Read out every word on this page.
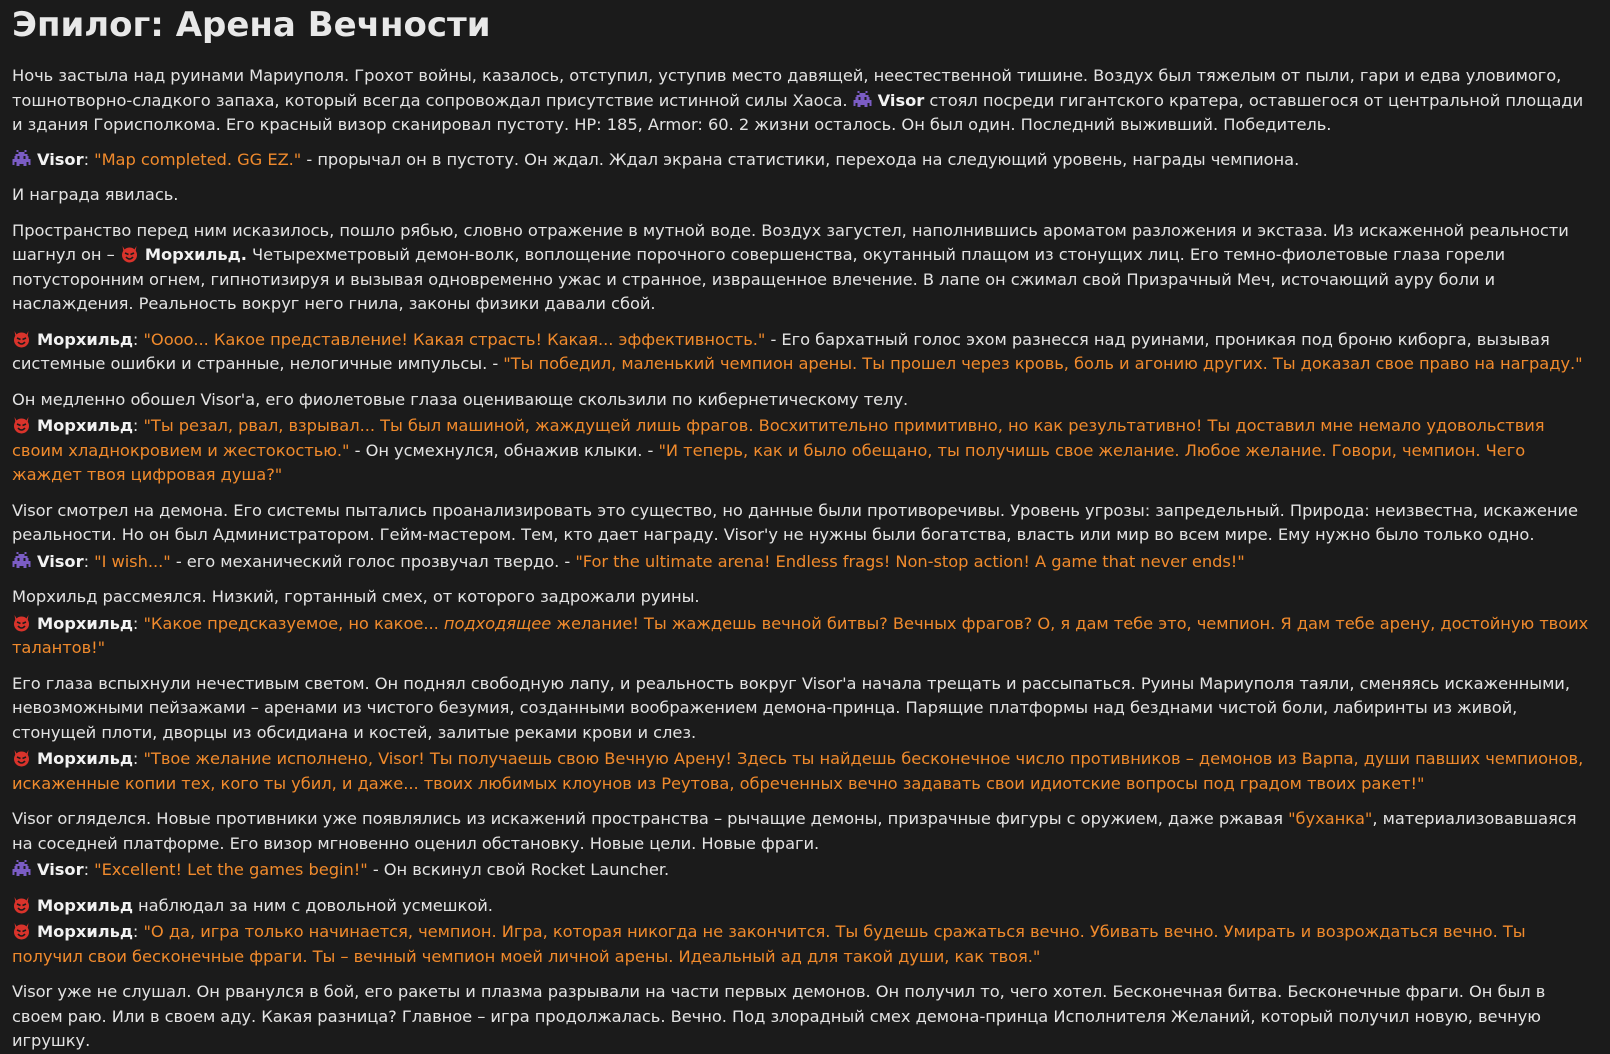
Эпилог: Арена Вечности

Ночь застыла над руинами Мариуполя. Грохот войны, казалось, отступил, уступив место давящей, неестественной тишине. Воздух был тяжелым от пыли, гари и едва уловимого, тошнотворно-сладкого запаха, который всегда сопровождал присутствие истинной силы Хаоса. Visor стоял посреди гигантского кратера, оставшегося от центральной площади и здания Горисполкома. Его красный визор сканировал пустоту. HP: 185, Armor: 60. 2 жизни осталось. Он был один. Последний выживший. Победитель.

Visor: "Map completed. GG EZ." - прорычал он в пустоту. Он ждал. Ждал экрана статистики, перехода на следующий уровень, награды чемпиона.

И награда явилась.

Пространство перед ним исказилось, пошло рябью, словно отражение в мутной воде. Воздух загустел, наполнившись ароматом разложения и экстаза. Из искаженной реальности шагнул он – Морхильд. Четырехметровый демон-волк, воплощение порочного совершенства, окутанный плащом из стонущих лиц. Его темно-фиолетовые глаза горели потусторонним огнем, гипнотизируя и вызывая одновременно ужас и странное, извращенное влечение. В лапе он сжимал свой Призрачный Меч, источающий ауру боли и наслаждения. Реальность вокруг него гнила, законы физики давали сбой.

Морхильд: "Оооо... Какое представление! Какая страсть! Какая... эффективность." - Его бархатный голос эхом разнесся над руинами, проникая под броню киборга, вызывая системные ошибки и странные, нелогичные импульсы. - "Ты победил, маленький чемпион арены. Ты прошел через кровь, боль и агонию других. Ты доказал свое право на награду."

Он медленно обошел Visor'a, его фиолетовые глаза оценивающе скользили по кибернетическому телу.

Морхильд: "Ты резал, рвал, взрывал... Ты был машиной, жаждущей лишь фрагов. Восхитительно примитивно, но как результативно! Ты доставил мне немало удовольствия своим хладнокровием и жестокостью." - Он усмехнулся, обнажив клыки. - "И теперь, как и было обещано, ты получишь свое желание. Любое желание. Говори, чемпион. Чего жаждет твоя цифровая душа?"

Visor смотрел на демона. Его системы пытались проанализировать это существо, но данные были противоречивы. Уровень угрозы: запредельный. Природа: неизвестна, искажение реальности. Но он был Администратором. Гейм-мастером. Тем, кто дает награду. Visor'у не нужны были богатства, власть или мир во всем мире. Ему нужно было только одно.

Visor: "I wish..." - его механический голос прозвучал твердо. - "For the ultimate arena! Endless frags! Non-stop action! A game that never ends!"

Морхильд рассмеялся. Низкий, гортанный смех, от которого задрожали руины.

Морхильд: "Какое предсказуемое, но какое... подходящее желание! Ты жаждешь вечной битвы? Вечных фрагов? О, я дам тебе это, чемпион. Я дам тебе арену, достойную твоих талантов!"

Его глаза вспыхнули нечестивым светом. Он поднял свободную лапу, и реальность вокруг Visor'a начала трещать и рассыпаться. Руины Мариуполя таяли, сменяясь искаженными, невозможными пейзажами – аренами из чистого безумия, созданными воображением демона-принца. Парящие платформы над безднами чистой боли, лабиринты из живой, стонущей плоти, дворцы из обсидиана и костей, залитые реками крови и слез.

Морхильд: "Твое желание исполнено, Visor! Ты получаешь свою Вечную Арену! Здесь ты найдешь бесконечное число противников – демонов из Варпа, души павших чемпионов, искаженные копии тех, кого ты убил, и даже... твоих любимых клоунов из Реутова, обреченных вечно задавать свои идиотские вопросы под градом твоих ракет!"

Visor огляделся. Новые противники уже появлялись из искажений пространства – рычащие демоны, призрачные фигуры с оружием, даже ржавая "буханка", материализовавшаяся на соседней платформе. Его визор мгновенно оценил обстановку. Новые цели. Новые фраги.

Visor: "Excellent! Let the games begin!" - Он вскинул свой Rocket Launcher.

Морхильд наблюдал за ним с довольной усмешкой.

Морхильд: "О да, игра только начинается, чемпион. Игра, которая никогда не закончится. Ты будешь сражаться вечно. Убивать вечно. Умирать и возрождаться вечно. Ты получил свои бесконечные фраги. Ты – вечный чемпион моей личной арены. Идеальный ад для такой души, как твоя."

Visor уже не слушал. Он рванулся в бой, его ракеты и плазма разрывали на части первых демонов. Он получил то, чего хотел. Бесконечная битва. Бесконечные фраги. Он был в своем раю. Или в своем аду. Какая разница? Главное – игра продолжалась. Вечно. Под злорадный смех демона-принца Исполнителя Желаний, который получил новую, вечную игрушку.
